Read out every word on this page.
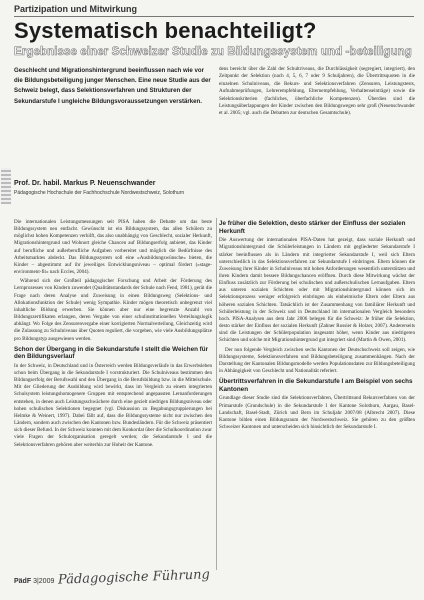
Partizipation und Mitwirkung
Systematisch benachteiligt?
Ergebnisse einer Schweizer Studie zu Bildungssystem und -beteiligung
Geschlecht und Migrationshintergrund beeinflussen nach wie vor die Bildungsbeteiligung junger Menschen. Eine neue Studie aus der Schweiz belegt, dass Selektionsverfahren und Strukturen der Sekundarstufe I ungleiche Bildungsvoraussetzungen verstärken.
Prof. Dr. habil. Markus P. Neuenschwander
Pädagogische Hochschule der Fachhochschule Nordwestschweiz, Solothurn
dens bereicht über die Zahl der Schultriveaus, die Durchlässigkeit (segregiert, integriert), den Zeitpunkt der Selektion (nach 4, 5, 6, 7 oder 9 Schuljahren), die Übertrittsquoten in die einzelnen Schulniveaus, die Rekurs- und Selektionsverfahren (Zensuren, Leistungstests, Aufnahmeprüfungen, Lehrerempfehlung, Elternempfehlung, Verhaltenseinträge) sowie die Selektionskriterien (fachliches, überfachliche Kompetenzen). Überdies sind die Leistungsüberlappungen der Kinder zwischen den Bildungswegen sehr groß (Neuenschwander et al. 2005; vgl. auch die Debatten zur deutschen Gesamtschule).

Die internationalen Leistungsmessungen seit PISA haben die Debatte um das beste Bildungssystem neu entfacht. Gewünscht ist ein Bildungssystem, das allen Schülern zu möglichst hohen Kompetenzen verhilft, das also unabhängig von Geschlecht, sozialer Herkunft, Migrationshintergrund und Wohnort gleiche Chancen auf Bildungserfolg anbietet, das Kinder auf berufliche und außerberufliche Aufgaben vorbereitet und möglich die Bedürfnisse des Arbeitsmarktes abdeckt. Das Bildungssystem soll eine »Ausbildungswünsche« bieten, die Kinder – abgestimmt auf ihr jeweiliges Entwicklungsniveau – optimal fördert (»stage-environment-fit« nach Eccles, 2004).

Während sich der Großteil pädagogischer Forschung und Arbeit der Förderung des Lernprozesses von Kindern zuwendet (Qualitätsstandards der Schule nach Fend, 1981), gerät die Frage nach deren Analyse und Zuweisung in einen Bildungsweg (Selektions- und Allokationsfunktion der Schule) wenig Sympathie. Kinder mögen theoretisch unbegrenzt viel inhaltliche Bildung erwerben. Sie können aber nur eine begrenzte Anzahl von Bildungszertifikaten erlangen, deren Vergabe von einer schulinstitutionellen Verteilungslogik abhängt. Wo Folge des Zensurenvergabe einer korrigierten Normalverteilung, Gleichzeitig wird die Zulassung zu Schulniveaus über Quoten reguliert, die vorgeben, wie viele Ausbildungsplätze pro Bildungstyp ausgewiesen werden.

Schon der Übergang in die Sekundarstufe I stellt die Weichen für den Bildungsverlauf

In der Schweiz, in Deutschland und in Österreich werden Bildungsverläufe in das Erwerbsleben schon beim Übergang in die Sekundarstufe I vorstrukturiert. Die Schulniveaus bestimmen den Bildungserfolg der Berufswahl und den Übergang in die Berufsbildung bzw. in die Mittelschule. Mit der Gliederung der Ausbildung wird bewirkt, dass im Vergleich zu einem integrierten Schulsystem leistungshomogenere Gruppen mit entsprechend angepassten Lernanforderungen entstehen, in denen auch Leistungsschwächere durch eine gezielt niedrigen Bildungsniveau oder hohen schulischen Selektionen begegnet (vgl. Diskussion zu Begabungsgruppierungen bei Helmke & Weinert, 1997). Dabei fällt auf, dass die Bildungssysteme nicht nur zwischen den Ländern, sondern auch zwischen den Kantonen bzw. Bundesländern. Für die Schweiz präsentiert sich dieser Befund. In der Schweiz konnten mit dem Konkordat über die Schulkoordination zwar viele Fragen der Schulorganisation geregelt werden; die Sekundarstufe I und die Selektionsverfahren gehören aber weiterhin zur Hoheit der Kantone.

Je früher die Selektion, desto stärker der Einfluss der sozialen Herkunft

Die Auswertung der internationalen PISA-Daten hat gezeigt, dass soziale Herkunft und Migrationshintergrund die Schülerleistungen in Ländern mit gegliederter Sekundarstufe I stärker beeinflussen als in Ländern mit integrierter Sekundarstufe I, weil sich Eltern unterschiedlich in das Selektionsverfahren zur Sekundarstufe I einbringen. Eltern können die Zuweisung ihrer Kinder in Schulniveaus mit hohen Anforderungen wesentlich unterstützen und ihren Kindern damit bessere Bildungschancen eröffnen. Durch diese Mitwirkung wächst der Einfluss zusätzlich zur Förderung bei schulischen und außerschulischen Lernaufgaben. Eltern aus unteren sozialen Schichten oder mit Migrationshintergrund können sich im Selektionsprozess weniger erfolgreich einbringen als einheimische Eltern oder Eltern aus höheren sozialen Schichten. Tatsächlich ist der Zusammenhang von familiärer Herkunft und Schülerleistung in der Schweiz und in Deutschland im internationalen Vergleich besonders hoch. PISA-Analysen aus dem Jahr 2006 belegen für die Schweiz: Je früher die Selektion, desto stärker der Einfluss der sozialen Herkunft (Zahner Rossier & Holzer, 2007). Andererseits sind die Leistungen der Schülerpopulation insgesamt höher, wenn Kinder aus niedrigeren Schichten und solche mit Migrationshintergrund gut integriert sind (Martin & Owen, 2001).

Der nun folgende Vergleich zwischen sechs Kantonen der Deutschschweiz soll zeigen, wie Bildungssysteme, Selektionsverfahren und Bildungsbeteiligung zusammenhängen. Nach der Darstellung der Kantonalen Bildungsmodelle werden Populationsdaten zur Bildungsbeteiligung in Abhängigkeit von Geschlecht und Nationalität referiert.

Übertrittsverfahren in die Sekundarstufe I am Beispiel von sechs Kantonen

Grundlage dieser Studie sind die Selektionsverfahren, Übertrittsund Rekursverfahren von der Primarstufe (Grundschule) in die Sekundarstufe I der Kantone Solothurn, Aargau, Basel-Landschaft, Basel-Stadt, Zürich und Bern im Schuljahr 2007/08 (Albrecht 2007). Diese Kantone bilden einen Bildungsraum der Nordwestschweiz. Sie gehören zu den größten Schweizer Kantonen und unterscheiden sich hinsichtlich der Sekundarstufe I.

PädF 3|2009 Pädagogische Führung
